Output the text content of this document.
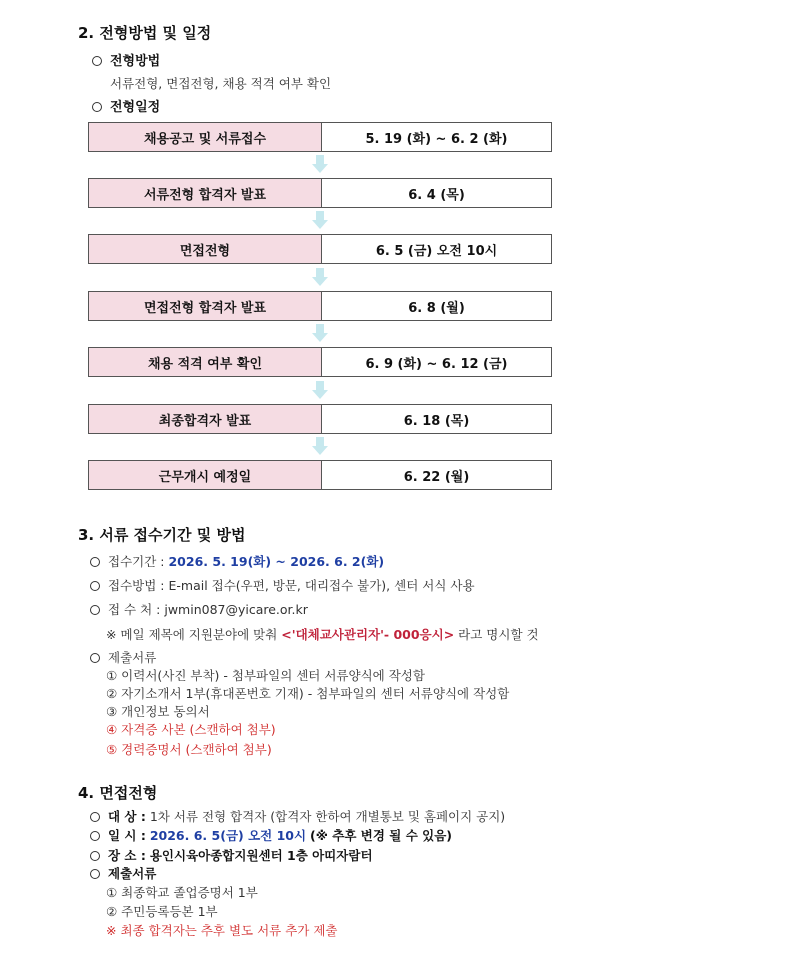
2. 전형방법 및 일정
전형방법
서류전형, 면접전형, 채용 적격 여부 확인
전형일정
채용공고 및 서류접수	5. 19 (화) ~ 6. 2 (화)
서류전형 합격자 발표	6. 4 (목)
면접전형	6. 5 (금) 오전 10시
면접전형 합격자 발표	6. 8 (월)
채용 적격 여부 확인	6. 9 (화) ~ 6. 12 (금)
최종합격자 발표	6. 18 (목)
근무개시 예정일	6. 22 (월)
3. 서류 접수기간 및 방법
접수기간 : 2026. 5. 19(화) ~ 2026. 6. 2(화)
접수방법 : E-mail 접수(우편, 방문, 대리접수 불가), 센터 서식 사용
접 수 처 : jwmin087@yicare.or.kr
※ 메일 제목에 지원분야에 맞춰 <'대체교사관리자'- 000응시> 라고 명시할 것
제출서류
① 이력서(사진 부착) - 첨부파일의 센터 서류양식에 작성함
② 자기소개서 1부(휴대폰번호 기재) - 첨부파일의 센터 서류양식에 작성함
③ 개인정보 동의서
④ 자격증 사본 (스캔하여 첨부)
⑤ 경력증명서 (스캔하여 첨부)
4. 면접전형
대 상 : 1차 서류 전형 합격자 (합격자 한하여 개별통보 및 홈페이지 공지)
일 시 : 2026. 6. 5(금) 오전 10시 (※ 추후 변경 될 수 있음)
장 소 : 용인시육아종합지원센터 1층 아띠자람터
제출서류
① 최종학교 졸업증명서 1부
② 주민등록등본 1부
※ 최종 합격자는 추후 별도 서류 추가 제출
